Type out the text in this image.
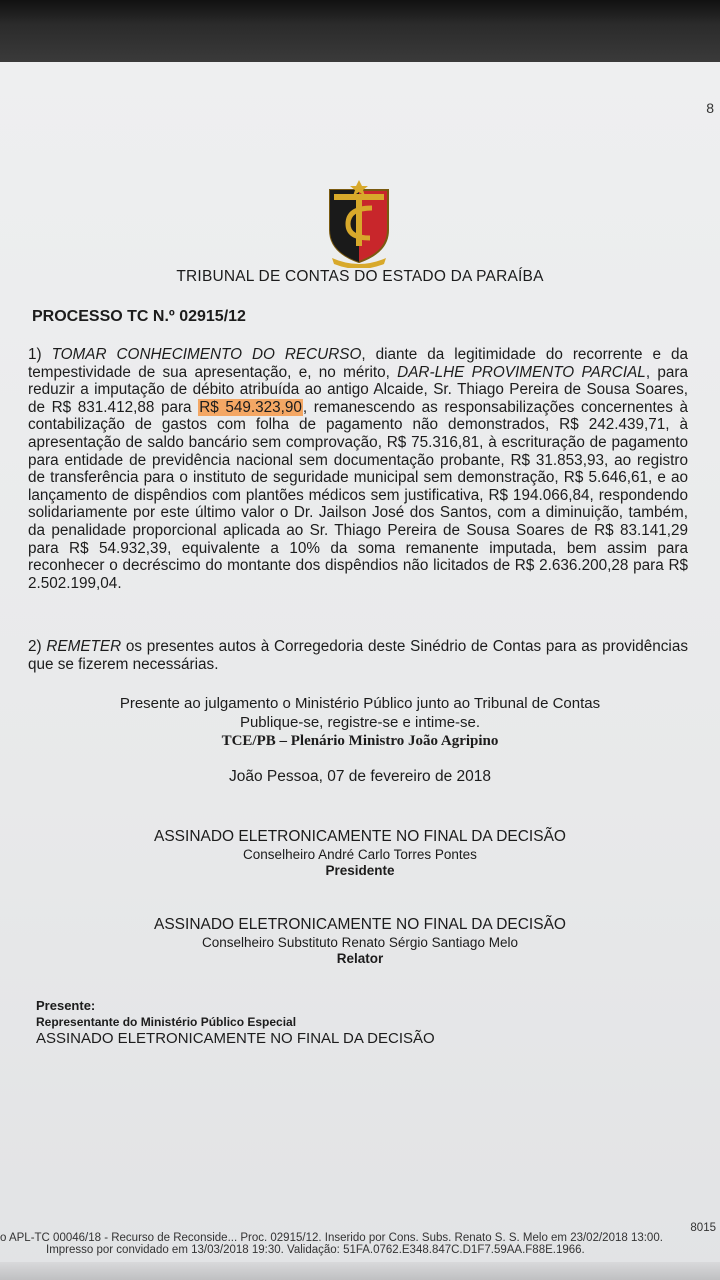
8
TRIBUNAL DE CONTAS DO ESTADO DA PARAÍBA
PROCESSO TC N.º 02915/12
1) TOMAR CONHECIMENTO DO RECURSO, diante da legitimidade do recorrente e da tempestividade de sua apresentação, e, no mérito, DAR-LHE PROVIMENTO PARCIAL, para reduzir a imputação de débito atribuída ao antigo Alcaide, Sr. Thiago Pereira de Sousa Soares, de R$ 831.412,88 para R$ 549.323,90, remanescendo as responsabilizações concernentes à contabilização de gastos com folha de pagamento não demonstrados, R$ 242.439,71, à apresentação de saldo bancário sem comprovação, R$ 75.316,81, à escrituração de pagamento para entidade de previdência nacional sem documentação probante, R$ 31.853,93, ao registro de transferência para o instituto de seguridade municipal sem demonstração, R$ 5.646,61, e ao lançamento de dispêndios com plantões médicos sem justificativa, R$ 194.066,84, respondendo solidariamente por este último valor o Dr. Jailson José dos Santos, com a diminuição, também, da penalidade proporcional aplicada ao Sr. Thiago Pereira de Sousa Soares de R$ 83.141,29 para R$ 54.932,39, equivalente a 10% da soma remanente imputada, bem assim para reconhecer o decréscimo do montante dos dispêndios não licitados de R$ 2.636.200,28 para R$ 2.502.199,04.
2) REMETER os presentes autos à Corregedoria deste Sinédrio de Contas para as providências que se fizerem necessárias.
Presente ao julgamento o Ministério Público junto ao Tribunal de Contas
Publique-se, registre-se e intime-se.
TCE/PB – Plenário Ministro João Agripino
João Pessoa, 07 de fevereiro de 2018
ASSINADO ELETRONICAMENTE NO FINAL DA DECISÃO
Conselheiro André Carlo Torres Pontes
Presidente
ASSINADO ELETRONICAMENTE NO FINAL DA DECISÃO
Conselheiro Substituto Renato Sérgio Santiago Melo
Relator
Presente:
Representante do Ministério Público Especial
ASSINADO ELETRONICAMENTE NO FINAL DA DECISÃO
8015
o APL-TC 00046/18 - Recurso de Reconside... Proc. 02915/12. Inserido por Cons. Subs. Renato S. S. Melo em 23/02/2018 13:00.
Impresso por convidado em 13/03/2018 19:30. Validação: 51FA.0762.E348.847C.D1F7.59AA.F88E.1966.
